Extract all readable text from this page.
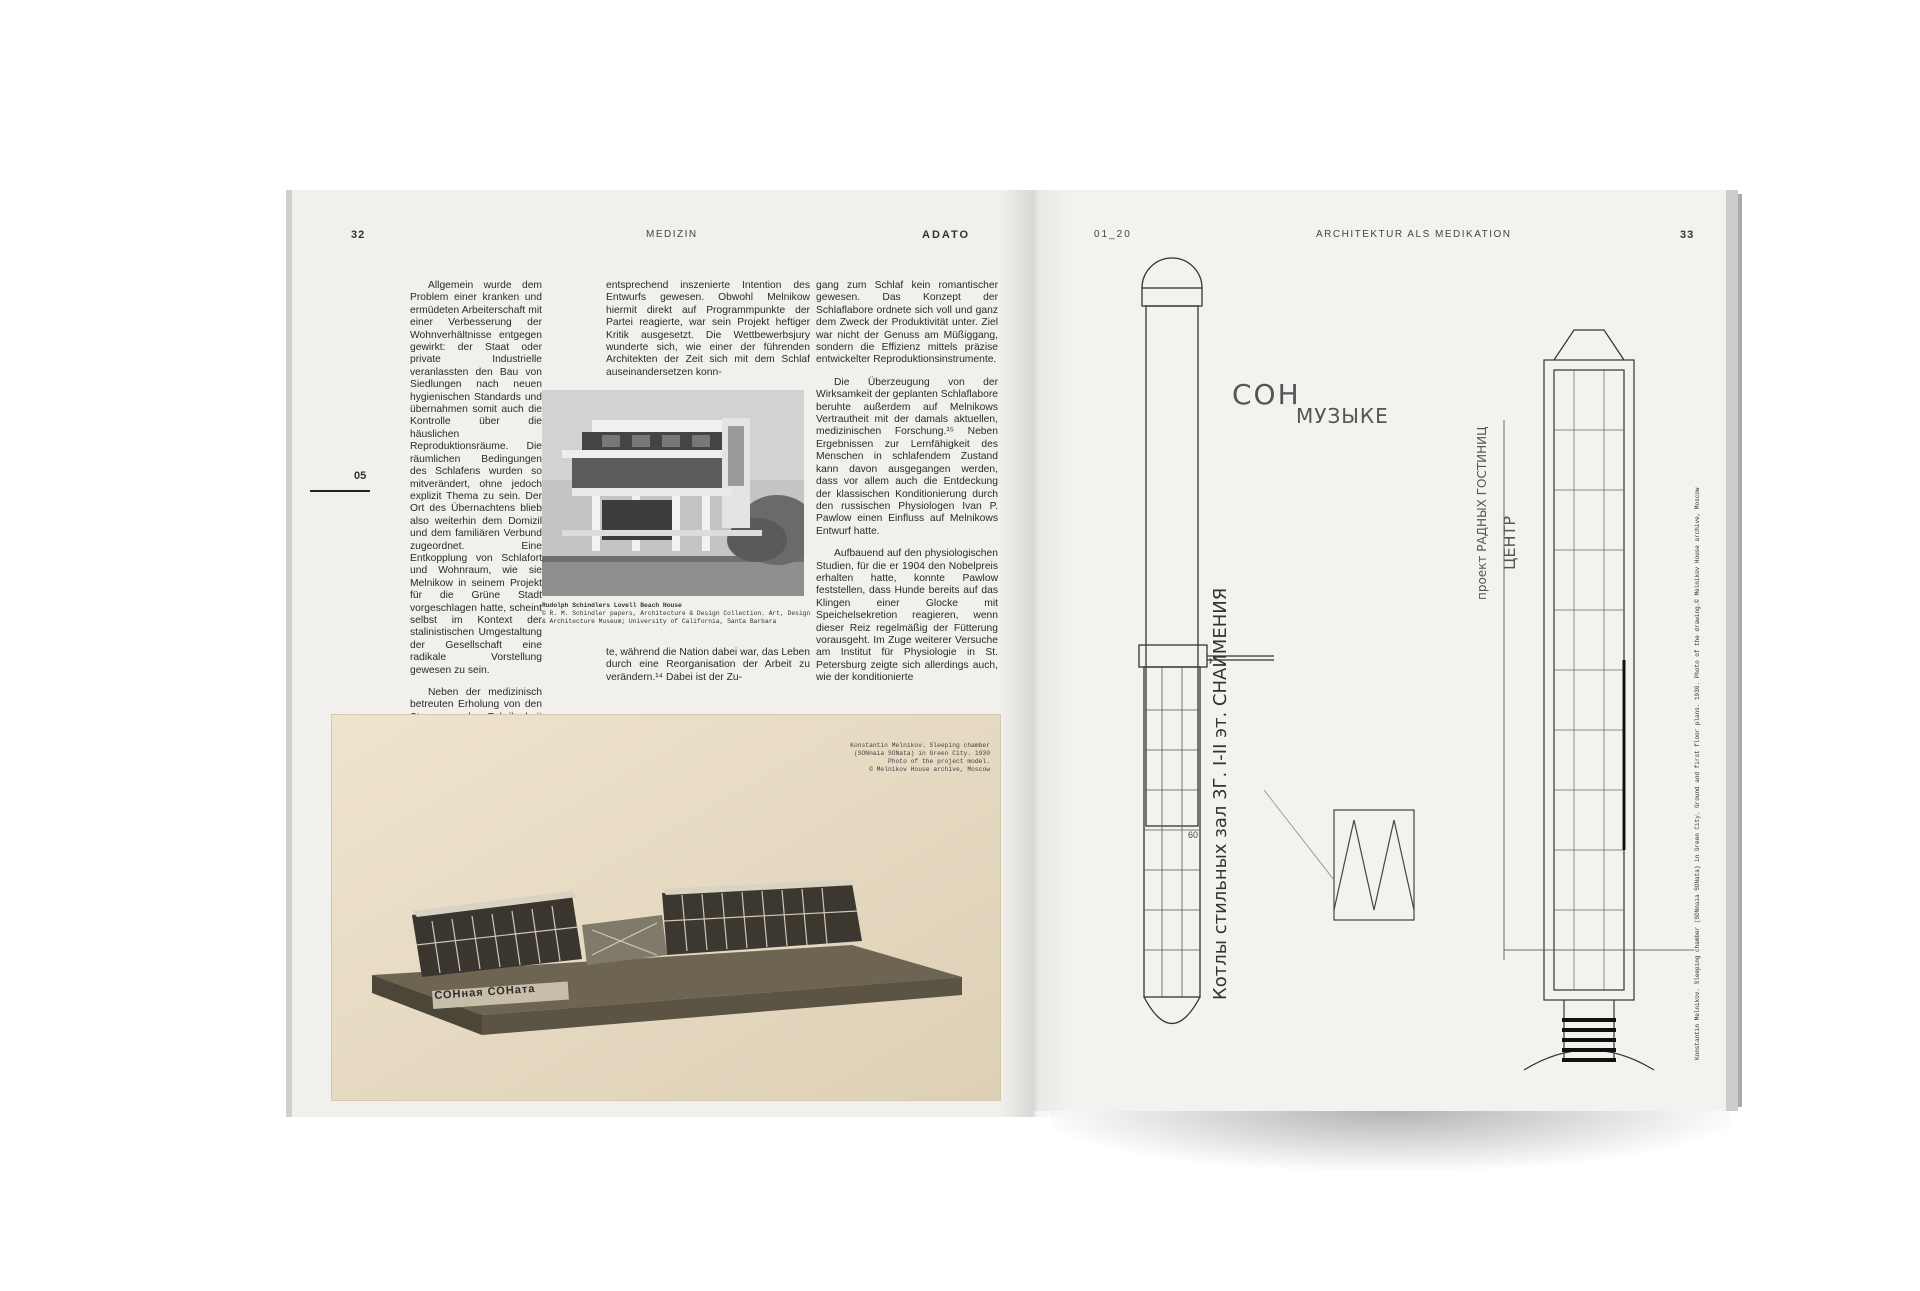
32	MEDIZIN	ADATO
05

Allgemein wurde dem Problem einer kranken und ermüdeten Arbeiterschaft mit einer Verbesserung der Wohnverhältnisse entgegen gewirkt: der Staat oder private Industrielle veranlassten den Bau von Siedlungen nach neuen hygienischen Standards und übernahmen somit auch die Kontrolle über die häuslichen Reproduktionsräume. Die räumlichen Bedingungen des Schlafens wurden so mitverändert, ohne jedoch explizit Thema zu sein. Der Ort des Übernachtens blieb also weiterhin dem Domizil und dem familiären Verbund zugeordnet. Eine Entkopplung von Schlafort und Wohnraum, wie sie Melnikow in seinem Projekt für die Grüne Stadt vorgeschlagen hatte, scheint selbst im Kontext der stalinistischen Umgestaltung der Gesellschaft eine radikale Vorstellung gewesen zu sein.

Neben der medizinisch betreuten Erholung von den

entsprechend inszenierte Intention des Entwurfs gewesen. Obwohl Melnikow hiermit direkt auf Programmpunkte der Partei reagierte, war sein Projekt heftiger Kritik ausgesetzt. Die Wettbewerbsjury wunderte sich, wie einer der führenden Architekten der Zeit sich mit dem Schlaf auseinandersetzen konn-

te, während die Nation dabei war, das Leben durch eine Reorganisation der Arbeit zu verändern.¹⁴ Dabei ist der Zu-

gang zum Schlaf kein romantischer gewesen. Das Konzept der Schlaflabore ordnete sich voll und ganz dem Zweck der Produktivität unter. Ziel war nicht der Genuss am Müßiggang, sondern die Effizienz mittels präzise entwickelter Reproduktionsinstrumente.

Die Überzeugung von der Wirksamkeit der geplanten Schlaflabore beruhte außerdem auf Melnikows Vertrautheit mit der damals aktuellen, medizinischen Forschung.¹⁵ Neben Ergebnissen zur Lernfähigkeit des Menschen in schlafendem Zustand kann davon ausgegangen werden, dass vor allem auch die Entdeckung der klassischen Konditionierung durch den russischen Physiologen Ivan P. Pawlow einen Einfluss auf Melnikows Entwurf hatte.

Aufbauend auf den physiologischen Studien, für die er 1904 den Nobelpreis erhalten hatte, konnte Pawlow feststellen, dass Hunde bereits auf das Klingen einer Glocke mit Speichelsekretion reagieren, wenn dieser Reiz regelmäßig der Fütterung vorausgeht. Im Zuge weiterer Versuche am Institut für Physiologie in St. Petersburg zeigte sich allerdings auch, wie der konditionierte

Rudolph Schindlers Lovell Beach House
© R. M. Schindler papers, Architecture & Design Collection. Art, Design & Architecture Museum; University of California, Santa Barbara
Konstantin Melnikov. Sleeping chamber
(SONnaia SONata) in Green City. 1930
Photo of the project model.
© Melnikov House archive, Moscow
СОНная СОНата
01_20	ARCHITEKTUR ALS MEDIKATION	33
СОН
МУЗЫКЕ
Котлы стильных зал 3Г. I-II эт. СНАЙМЕНИЯ
ЦЕНТР
проект РАДНЫХ ГОСТИНИЦ
60	Konstantin Melnikov. Sleeping chamber (SONnaia SONata) in Green City. Ground and first floor plans. 1930. Photo of the drawing.© Melnikov House archive, Moscow
